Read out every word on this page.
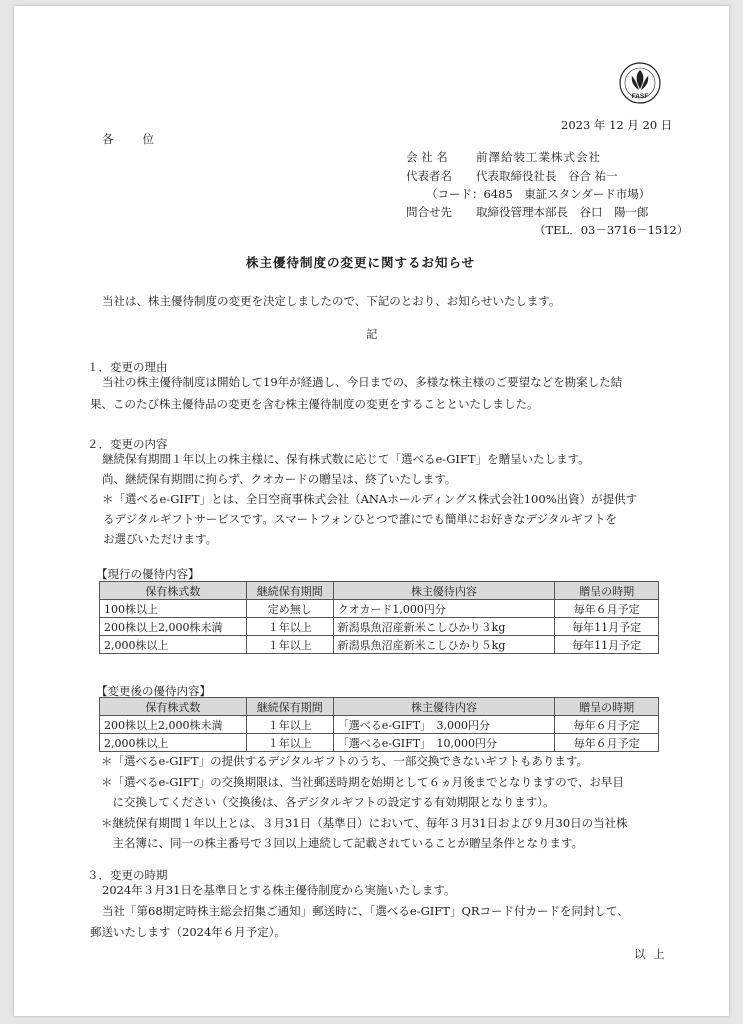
FASF
2023 年 12 月 20 日
各　　位
会 社 名 前澤給装工業株式会社
代表者名 代表取締役社長　谷合 祐一
（コード：6485　東証スタンダード市場）
問合せ先 取締役管理本部長　谷口　陽一郎
（TEL．03－3716－1512）
株主優待制度の変更に関するお知らせ
当社は、株主優待制度の変更を決定しましたので、下記のとおり、お知らせいたします。
記
１．変更の理由
当社の株主優待制度は開始して19年が経過し、今日までの、多様な株主様のご要望などを勘案した結
果、このたび株主優待品の変更を含む株主優待制度の変更をすることといたしました。
２．変更の内容
継続保有期間１年以上の株主様に、保有株式数に応じて「選べるe-GIFT」を贈呈いたします。
尚、継続保有期間に拘らず、クオカードの贈呈は、終了いたします。
＊「選べるe-GIFT」とは、全日空商事株式会社（ANAホールディングス株式会社100%出資）が提供す
るデジタルギフトサービスです。スマートフォンひとつで誰にでも簡単にお好きなデジタルギフトを
お選びいただけます。
【現行の優待内容】
保有株式数	継続保有期間	株主優待内容	贈呈の時期
100株以上	定め無し	クオカード1,000円分	毎年６月予定
200株以上2,000株未満	１年以上	新潟県魚沼産新米こしひかり３kg	毎年11月予定
2,000株以上	１年以上	新潟県魚沼産新米こしひかり５kg	毎年11月予定
【変更後の優待内容】
保有株式数	継続保有期間	株主優待内容	贈呈の時期
200株以上2,000株未満	１年以上	「選べるe-GIFT」　3,000円分	毎年６月予定
2,000株以上	１年以上	「選べるe-GIFT」　10,000円分	毎年６月予定
＊「選べるe-GIFT」の提供するデジタルギフトのうち、一部交換できないギフトもあります。
＊「選べるe-GIFT」の交換期限は、当社郵送時期を始期として６ヵ月後までとなりますので、お早目
　に交換してください（交換後は、各デジタルギフトの設定する有効期限となります）。
＊継続保有期間１年以上とは、３月31日（基準日）において、毎年３月31日および９月30日の当社株
　主名簿に、同一の株主番号で３回以上連続して記載されていることが贈呈条件となります。
３．変更の時期
2024年３月31日を基準日とする株主優待制度から実施いたします。
当社「第68期定時株主総会招集ご通知」郵送時に、「選べるe-GIFT」QRコード付カードを同封して、
郵送いたします（2024年６月予定）。
以 上
